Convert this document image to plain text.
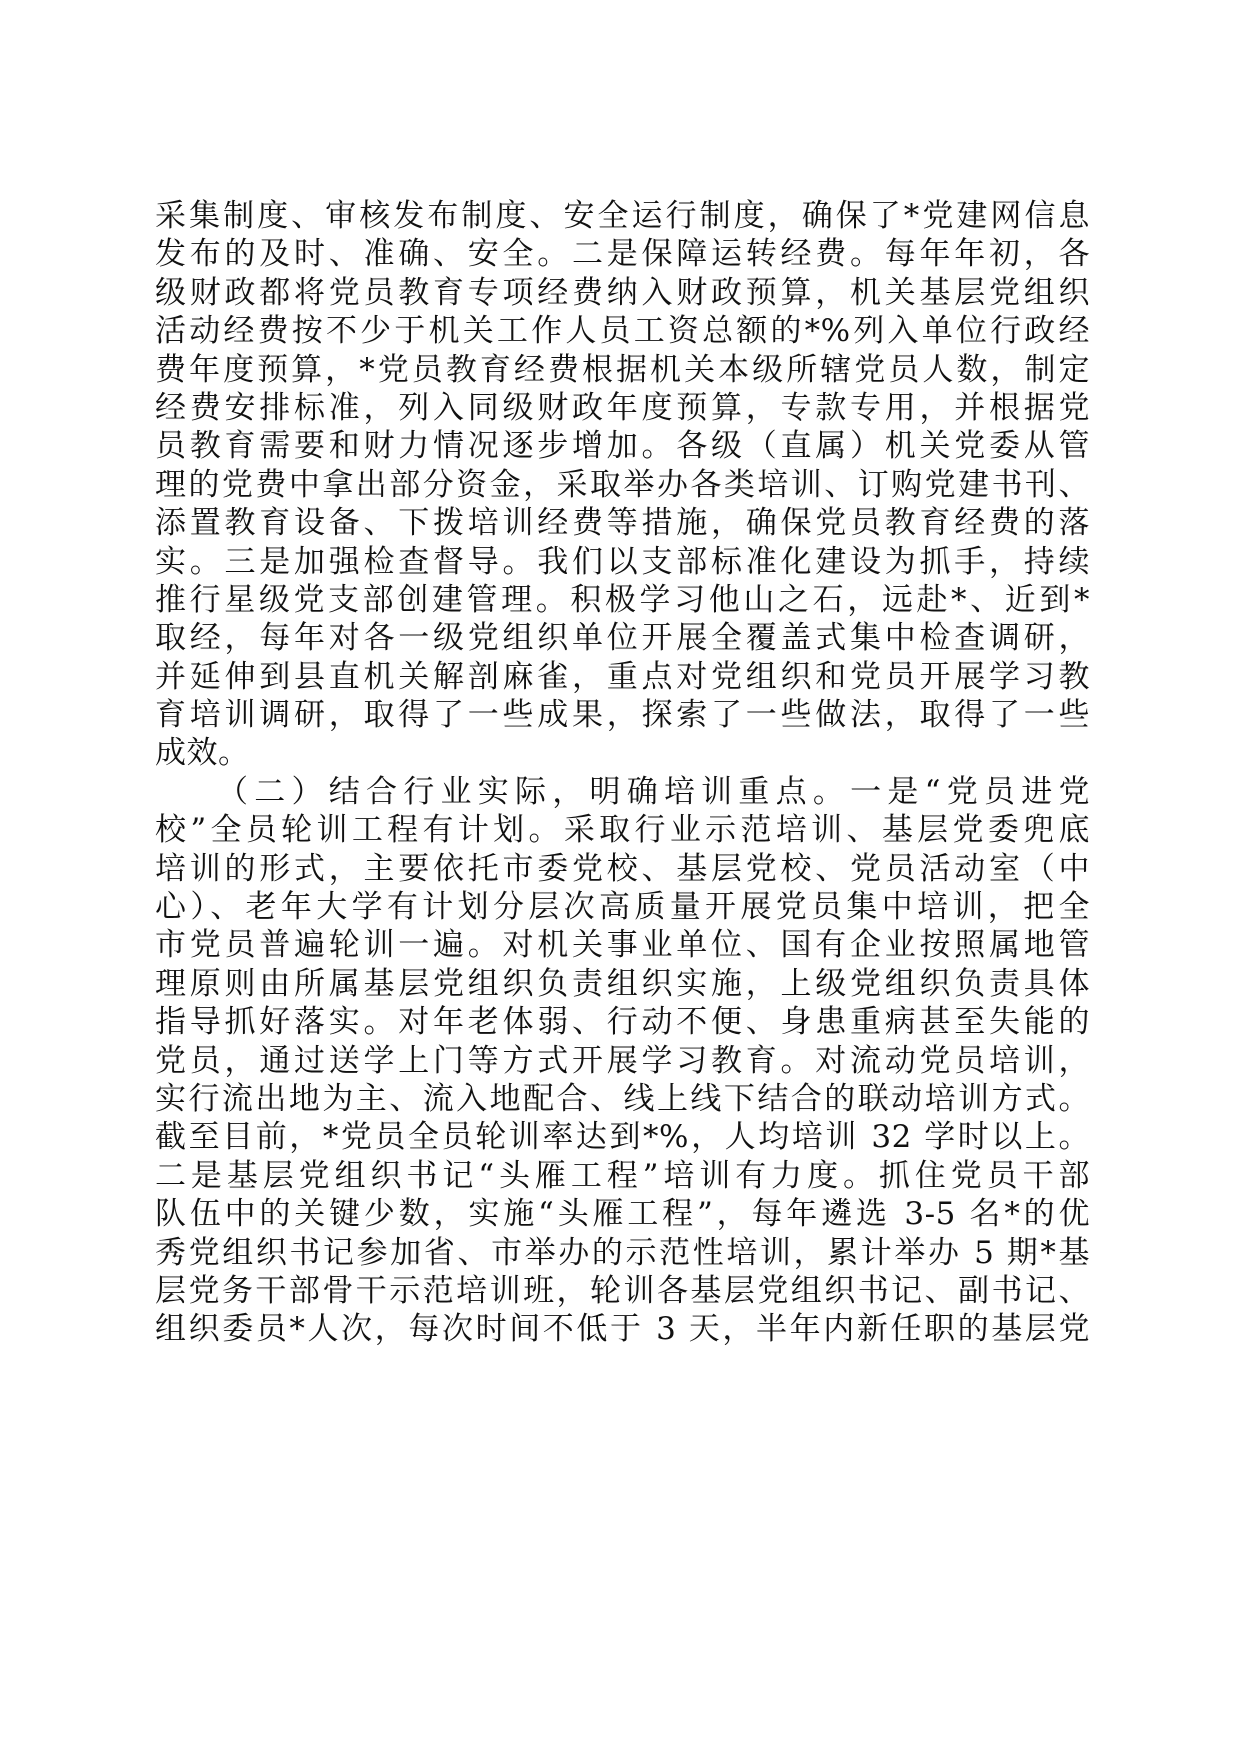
采集制度、审核发布制度、安全运行制度，确保了*党建网信息
发布的及时、准确、安全。二是保障运转经费。每年年初，各
级财政都将党员教育专项经费纳入财政预算，机关基层党组织
活动经费按不少于机关工作人员工资总额的*%列入单位行政经
费年度预算，*党员教育经费根据机关本级所辖党员人数，制定
经费安排标准，列入同级财政年度预算，专款专用，并根据党
员教育需要和财力情况逐步增加。各级（直属）机关党委从管
理的党费中拿出部分资金，采取举办各类培训、订购党建书刊、
添置教育设备、下拨培训经费等措施，确保党员教育经费的落
实。三是加强检查督导。我们以支部标准化建设为抓手，持续
推行星级党支部创建管理。积极学习他山之石，远赴*、近到*
取经，每年对各一级党组织单位开展全覆盖式集中检查调研，
并延伸到县直机关解剖麻雀，重点对党组织和党员开展学习教
育培训调研，取得了一些成果，探索了一些做法，取得了一些
成效。
（二）结合行业实际，明确培训重点。一是“党员进党
校”全员轮训工程有计划。采取行业示范培训、基层党委兜底
培训的形式，主要依托市委党校、基层党校、党员活动室（中
心）、老年大学有计划分层次高质量开展党员集中培训，把全
市党员普遍轮训一遍。对机关事业单位、国有企业按照属地管
理原则由所属基层党组织负责组织实施，上级党组织负责具体
指导抓好落实。对年老体弱、行动不便、身患重病甚至失能的
党员，通过送学上门等方式开展学习教育。对流动党员培训，
实行流出地为主、流入地配合、线上线下结合的联动培训方式。
截至目前，*党员全员轮训率达到*%，人均培训 32 学时以上。
二是基层党组织书记“头雁工程”培训有力度。抓住党员干部
队伍中的关键少数，实施“头雁工程”，每年遴选 3-5 名*的优
秀党组织书记参加省、市举办的示范性培训，累计举办 5 期*基
层党务干部骨干示范培训班，轮训各基层党组织书记、副书记、
组织委员*人次，每次时间不低于 3 天，半年内新任职的基层党
